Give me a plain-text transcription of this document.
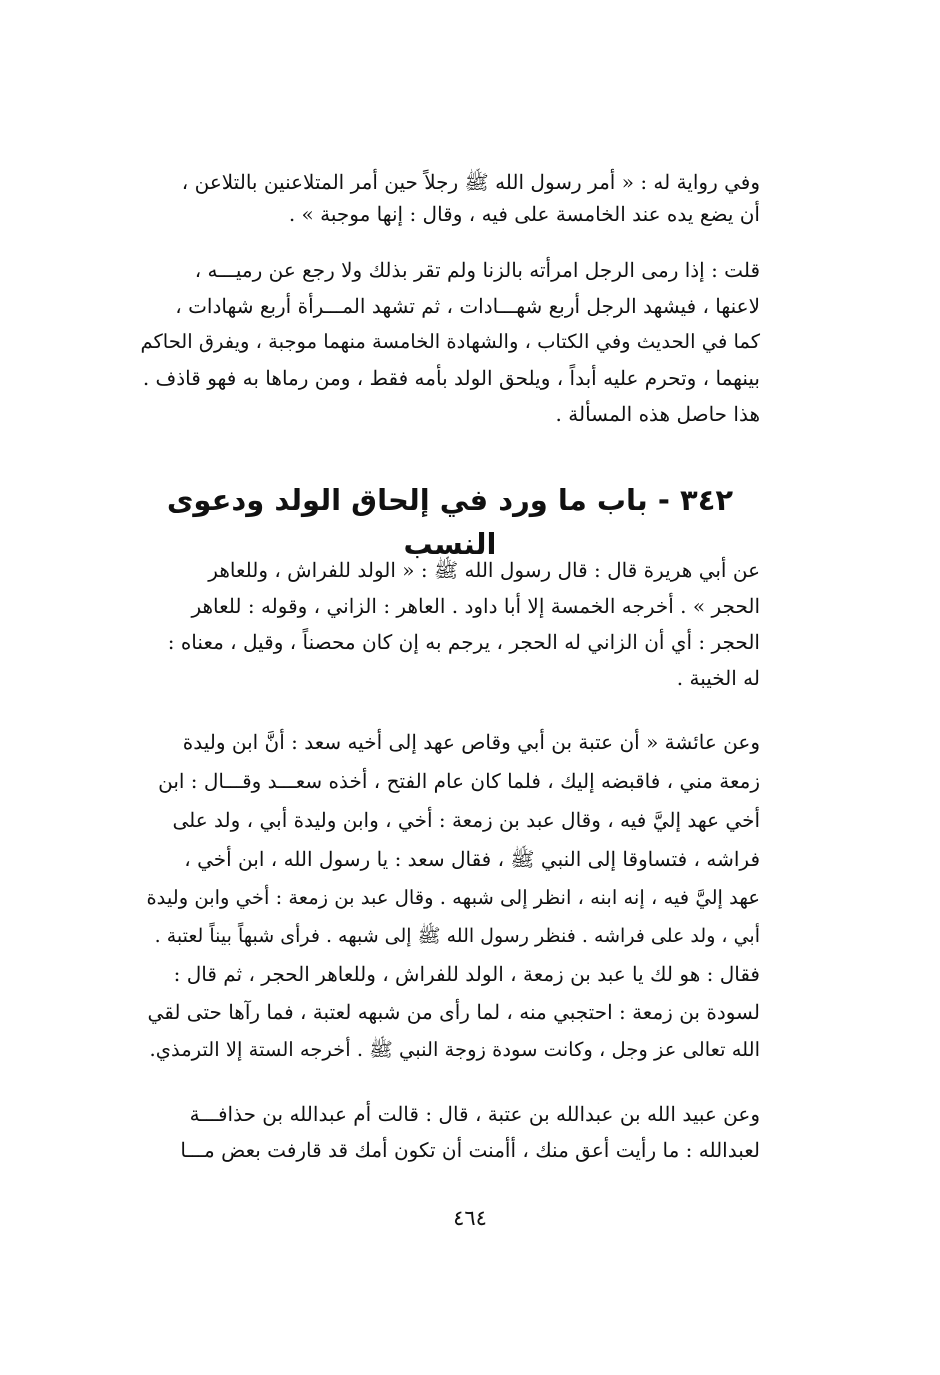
وفي رواية له : « أمر رسول الله ﷺ رجلاً حين أمر المتلاعنين بالتلاعن ،
أن يضع يده عند الخامسة على فيه ، وقال : إنها موجبة » .
قلت : إذا رمى الرجل امرأته بالزنا ولم تقر بذلك ولا رجع عن رميـــه ،
لاعنها ، فيشهد الرجل أربع شهـــادات ، ثم تشهد المـــرأة أربع شهادات ،
كما في الحديث وفي الكتاب ، والشهادة الخامسة منهما موجبة ، ويفرق الحاكم
بينهما ، وتحرم عليه أبداً ، ويلحق الولد بأمه فقط ، ومن رماها به فهو قاذف .
هذا حاصل هذه المسألة .
٣٤٢ - باب ما ورد في إلحاق الولد ودعوى النسب
عن أبي هريرة قال : قال رسول الله ﷺ : « الولد للفراش ، وللعاهر
الحجر » . أخرجه الخمسة إلا أبا داود . العاهر : الزاني ، وقوله : للعاهر
الحجر : أي أن الزاني له الحجر ، يرجم به إن كان محصناً ، وقيل ، معناه :
له الخيبة .
وعن عائشة « أن عتبة بن أبي وقاص عهد إلى أخيه سعد : أنَّ ابن وليدة
زمعة مني ، فاقبضه إليك ، فلما كان عام الفتح ، أخذه سعـــد وقـــال : ابن
أخي عهد إليَّ فيه ، وقال عبد بن زمعة : أخي ، وابن وليدة أبي ، ولد على
فراشه ، فتساوقا إلى النبي ﷺ ، فقال سعد : يا رسول الله ، ابن أخي ،
عهد إليَّ فيه ، إنه ابنه ، انظر إلى شبهه . وقال عبد بن زمعة : أخي وابن وليدة
أبي ، ولد على فراشه . فنظر رسول الله ﷺ إلى شبهه . فرأى شبهاً بيناً لعتبة .
فقال : هو لك يا عبد بن زمعة ، الولد للفراش ، وللعاهر الحجر ، ثم قال :
لسودة بن زمعة : احتجبي منه ، لما رأى من شبهه لعتبة ، فما رآها حتى لقي
الله تعالى عز وجل ، وكانت سودة زوجة النبي ﷺ . أخرجه الستة إلا الترمذي.
وعن عبيد الله بن عبدالله بن عتبة ، قال : قالت أم عبدالله بن حذافـــة
لعبدالله : ما رأيت أعق منك ، أأمنت أن تكون أمك قد قارفت بعض مـــا
٤٦٤
